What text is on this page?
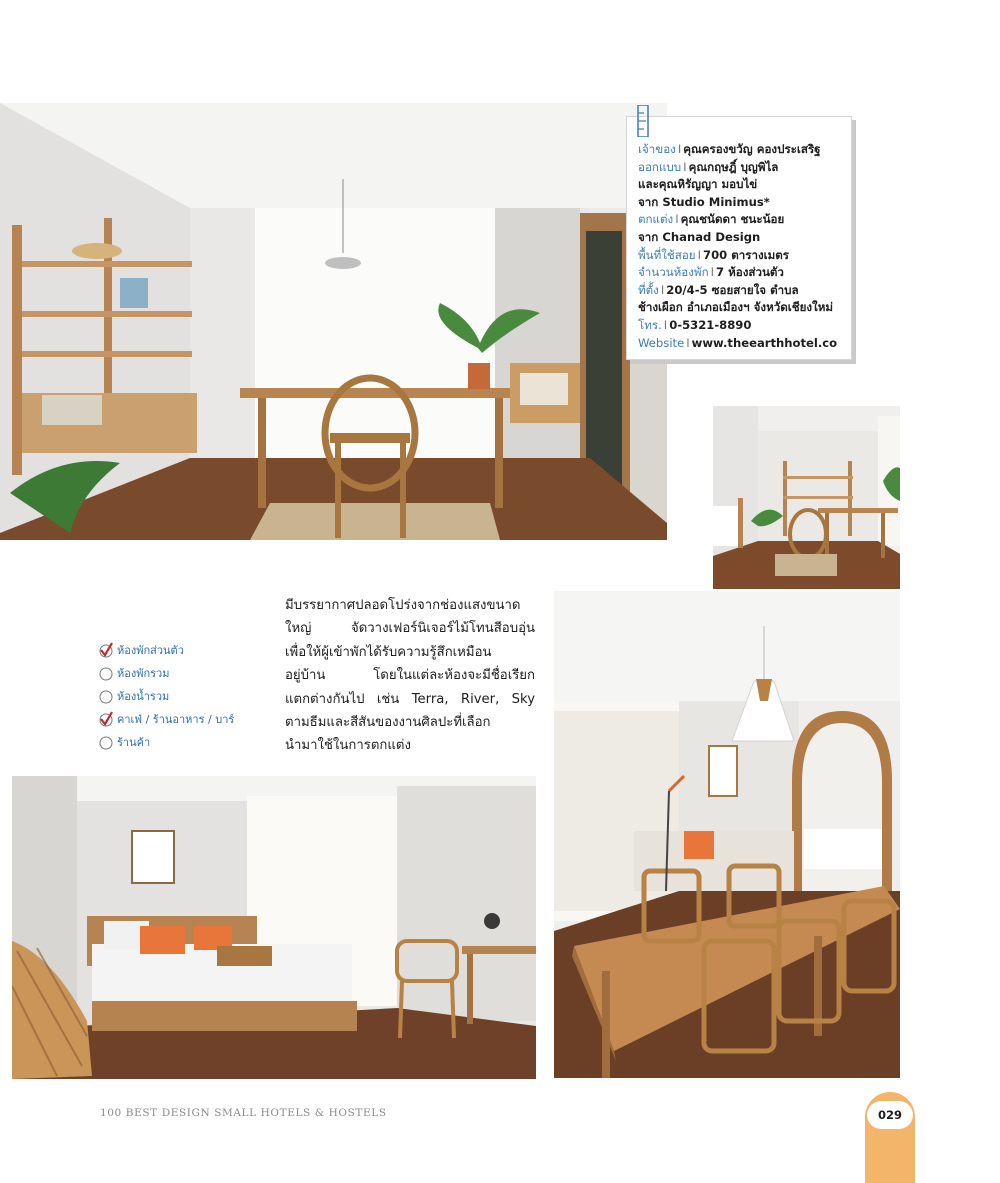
เจ้าของ I คุณครองขวัญ คองประเสริฐ
ออกแบบ I คุณกฤษฎิ์ บุญพิไล
และคุณหิรัญญา มอบไข่
จาก Studio Minimus*
ตกแต่ง I คุณชนัดดา ชนะน้อย
จาก Chanad Design
พื้นที่ใช้สอย I 700 ตารางเมตร
จำนวนห้องพัก I 7 ห้องส่วนตัว
ที่ตั้ง I 20/4-5 ซอยสายใจ ตำบล
ช้างเผือก อำเภอเมืองฯ จังหวัดเชียงใหม่
โทร. I 0-5321-8890
Website I www.theearthhotel.co
ห้องพักส่วนตัว
ห้องพักรวม
ห้องน้ำรวม
คาเฟ่ / ร้านอาหาร / บาร์
ร้านค้า
มีบรรยากาศปลอดโปร่งจากช่องแสงขนาด
ใหญ่ จัดวางเฟอร์นิเจอร์ไม้โทนสีอบอุ่น
เพื่อให้ผู้เข้าพักได้รับความรู้สึกเหมือน
อยู่บ้าน โดยในแต่ละห้องจะมีชื่อเรียก
แตกต่างกันไป เช่น Terra, River, Sky
ตามธีมและสีสันของงานศิลปะที่เลือก
นำมาใช้ในการตกแต่ง
100 BEST DESIGN SMALL HOTELS & HOSTELS	029
